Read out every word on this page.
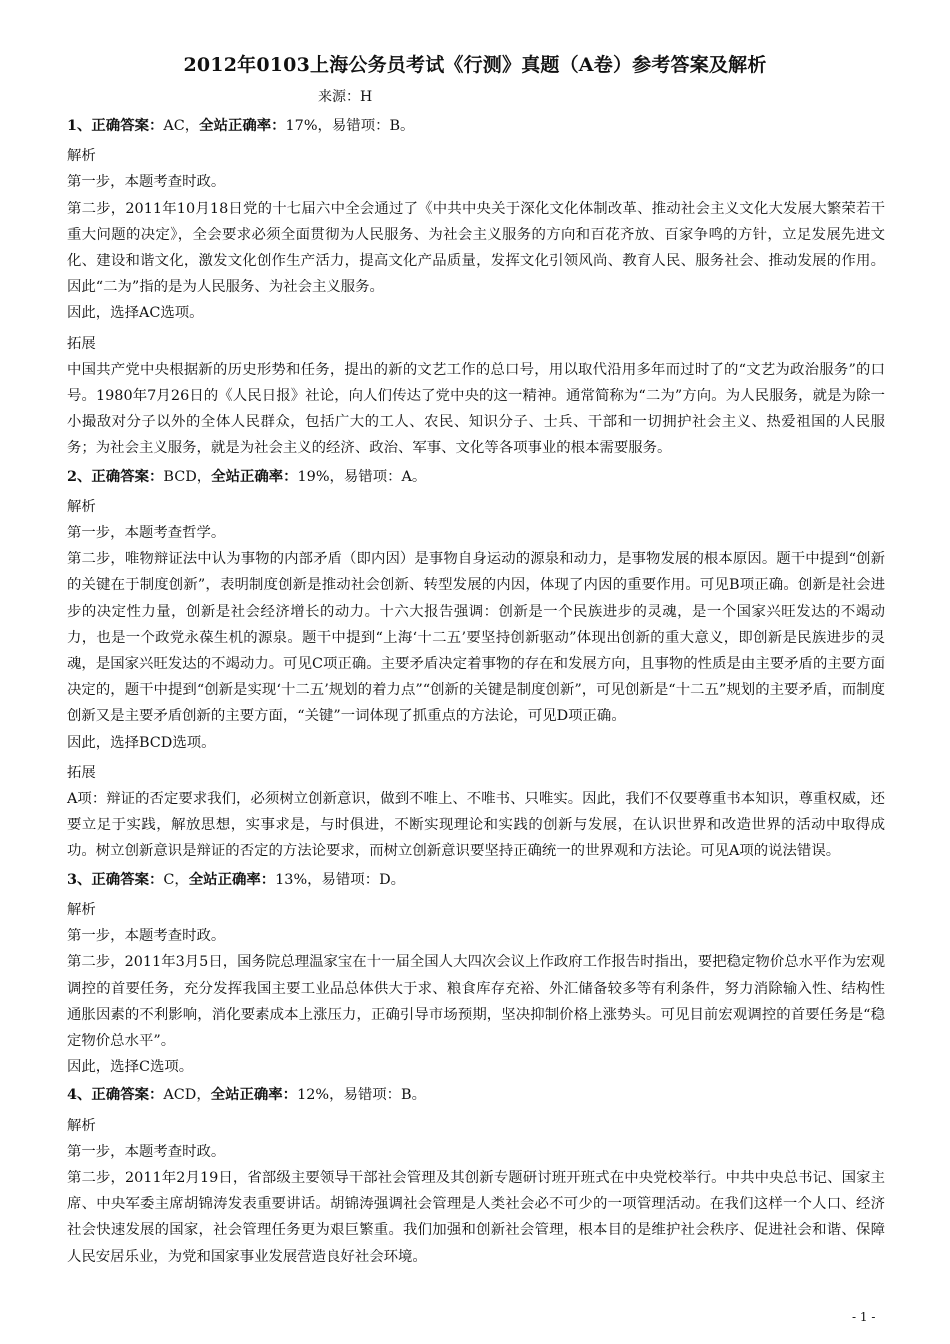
2012年0103上海公务员考试《行测》真题（A卷）参考答案及解析
来源：H

1、正确答案：AC，全站正确率：17%，易错项：B。

解析

第一步，本题考查时政。

第二步，2011年10月18日党的十七届六中全会通过了《中共中央关于深化文化体制改革、推动社会主义文化大发展大繁荣若干重大问题的决定》，全会要求必须全面贯彻为人民服务、为社会主义服务的方向和百花齐放、百家争鸣的方针，立足发展先进文化、建设和谐文化，激发文化创作生产活力，提高文化产品质量，发挥文化引领风尚、教育人民、服务社会、推动发展的作用。因此“二为”指的是为人民服务、为社会主义服务。

因此，选择AC选项。

拓展

中国共产党中央根据新的历史形势和任务，提出的新的文艺工作的总口号，用以取代沿用多年而过时了的“文艺为政治服务”的口号。1980年7月26日的《人民日报》社论，向人们传达了党中央的这一精神。通常简称为“二为”方向。为人民服务，就是为除一小撮敌对分子以外的全体人民群众，包括广大的工人、农民、知识分子、士兵、干部和一切拥护社会主义、热爱祖国的人民服务；为社会主义服务，就是为社会主义的经济、政治、军事、文化等各项事业的根本需要服务。

2、正确答案：BCD，全站正确率：19%，易错项：A。

解析

第一步，本题考查哲学。

第二步，唯物辩证法中认为事物的内部矛盾（即内因）是事物自身运动的源泉和动力，是事物发展的根本原因。题干中提到“创新的关键在于制度创新”，表明制度创新是推动社会创新、转型发展的内因，体现了内因的重要作用。可见B项正确。创新是社会进步的决定性力量，创新是社会经济增长的动力。十六大报告强调：创新是一个民族进步的灵魂，是一个国家兴旺发达的不竭动力，也是一个政党永葆生机的源泉。题干中提到“上海‘十二五’要坚持创新驱动”体现出创新的重大意义，即创新是民族进步的灵魂，是国家兴旺发达的不竭动力。可见C项正确。主要矛盾决定着事物的存在和发展方向，且事物的性质是由主要矛盾的主要方面决定的，题干中提到“创新是实现‘十二五’规划的着力点”“创新的关键是制度创新”，可见创新是“十二五”规划的主要矛盾，而制度创新又是主要矛盾创新的主要方面，“关键”一词体现了抓重点的方法论，可见D项正确。

因此，选择BCD选项。

拓展

A项：辩证的否定要求我们，必须树立创新意识，做到不唯上、不唯书、只唯实。因此，我们不仅要尊重书本知识，尊重权威，还要立足于实践，解放思想，实事求是，与时俱进，不断实现理论和实践的创新与发展，在认识世界和改造世界的活动中取得成功。树立创新意识是辩证的否定的方法论要求，而树立创新意识要坚持正确统一的世界观和方法论。可见A项的说法错误。

3、正确答案：C，全站正确率：13%，易错项：D。

解析

第一步，本题考查时政。

第二步，2011年3月5日，国务院总理温家宝在十一届全国人大四次会议上作政府工作报告时指出，要把稳定物价总水平作为宏观调控的首要任务，充分发挥我国主要工业品总体供大于求、粮食库存充裕、外汇储备较多等有利条件，努力消除输入性、结构性通胀因素的不利影响，消化要素成本上涨压力，正确引导市场预期，坚决抑制价格上涨势头。可见目前宏观调控的首要任务是“稳定物价总水平”。

因此，选择C选项。

4、正确答案：ACD，全站正确率：12%，易错项：B。

解析

第一步，本题考查时政。

第二步，2011年2月19日，省部级主要领导干部社会管理及其创新专题研讨班开班式在中央党校举行。中共中央总书记、国家主席、中央军委主席胡锦涛发表重要讲话。胡锦涛强调社会管理是人类社会必不可少的一项管理活动。在我们这样一个人口、经济社会快速发展的国家，社会管理任务更为艰巨繁重。我们加强和创新社会管理，根本目的是维护社会秩序、促进社会和谐、保障人民安居乐业，为党和国家事业发展营造良好社会环境。

- 1 -
